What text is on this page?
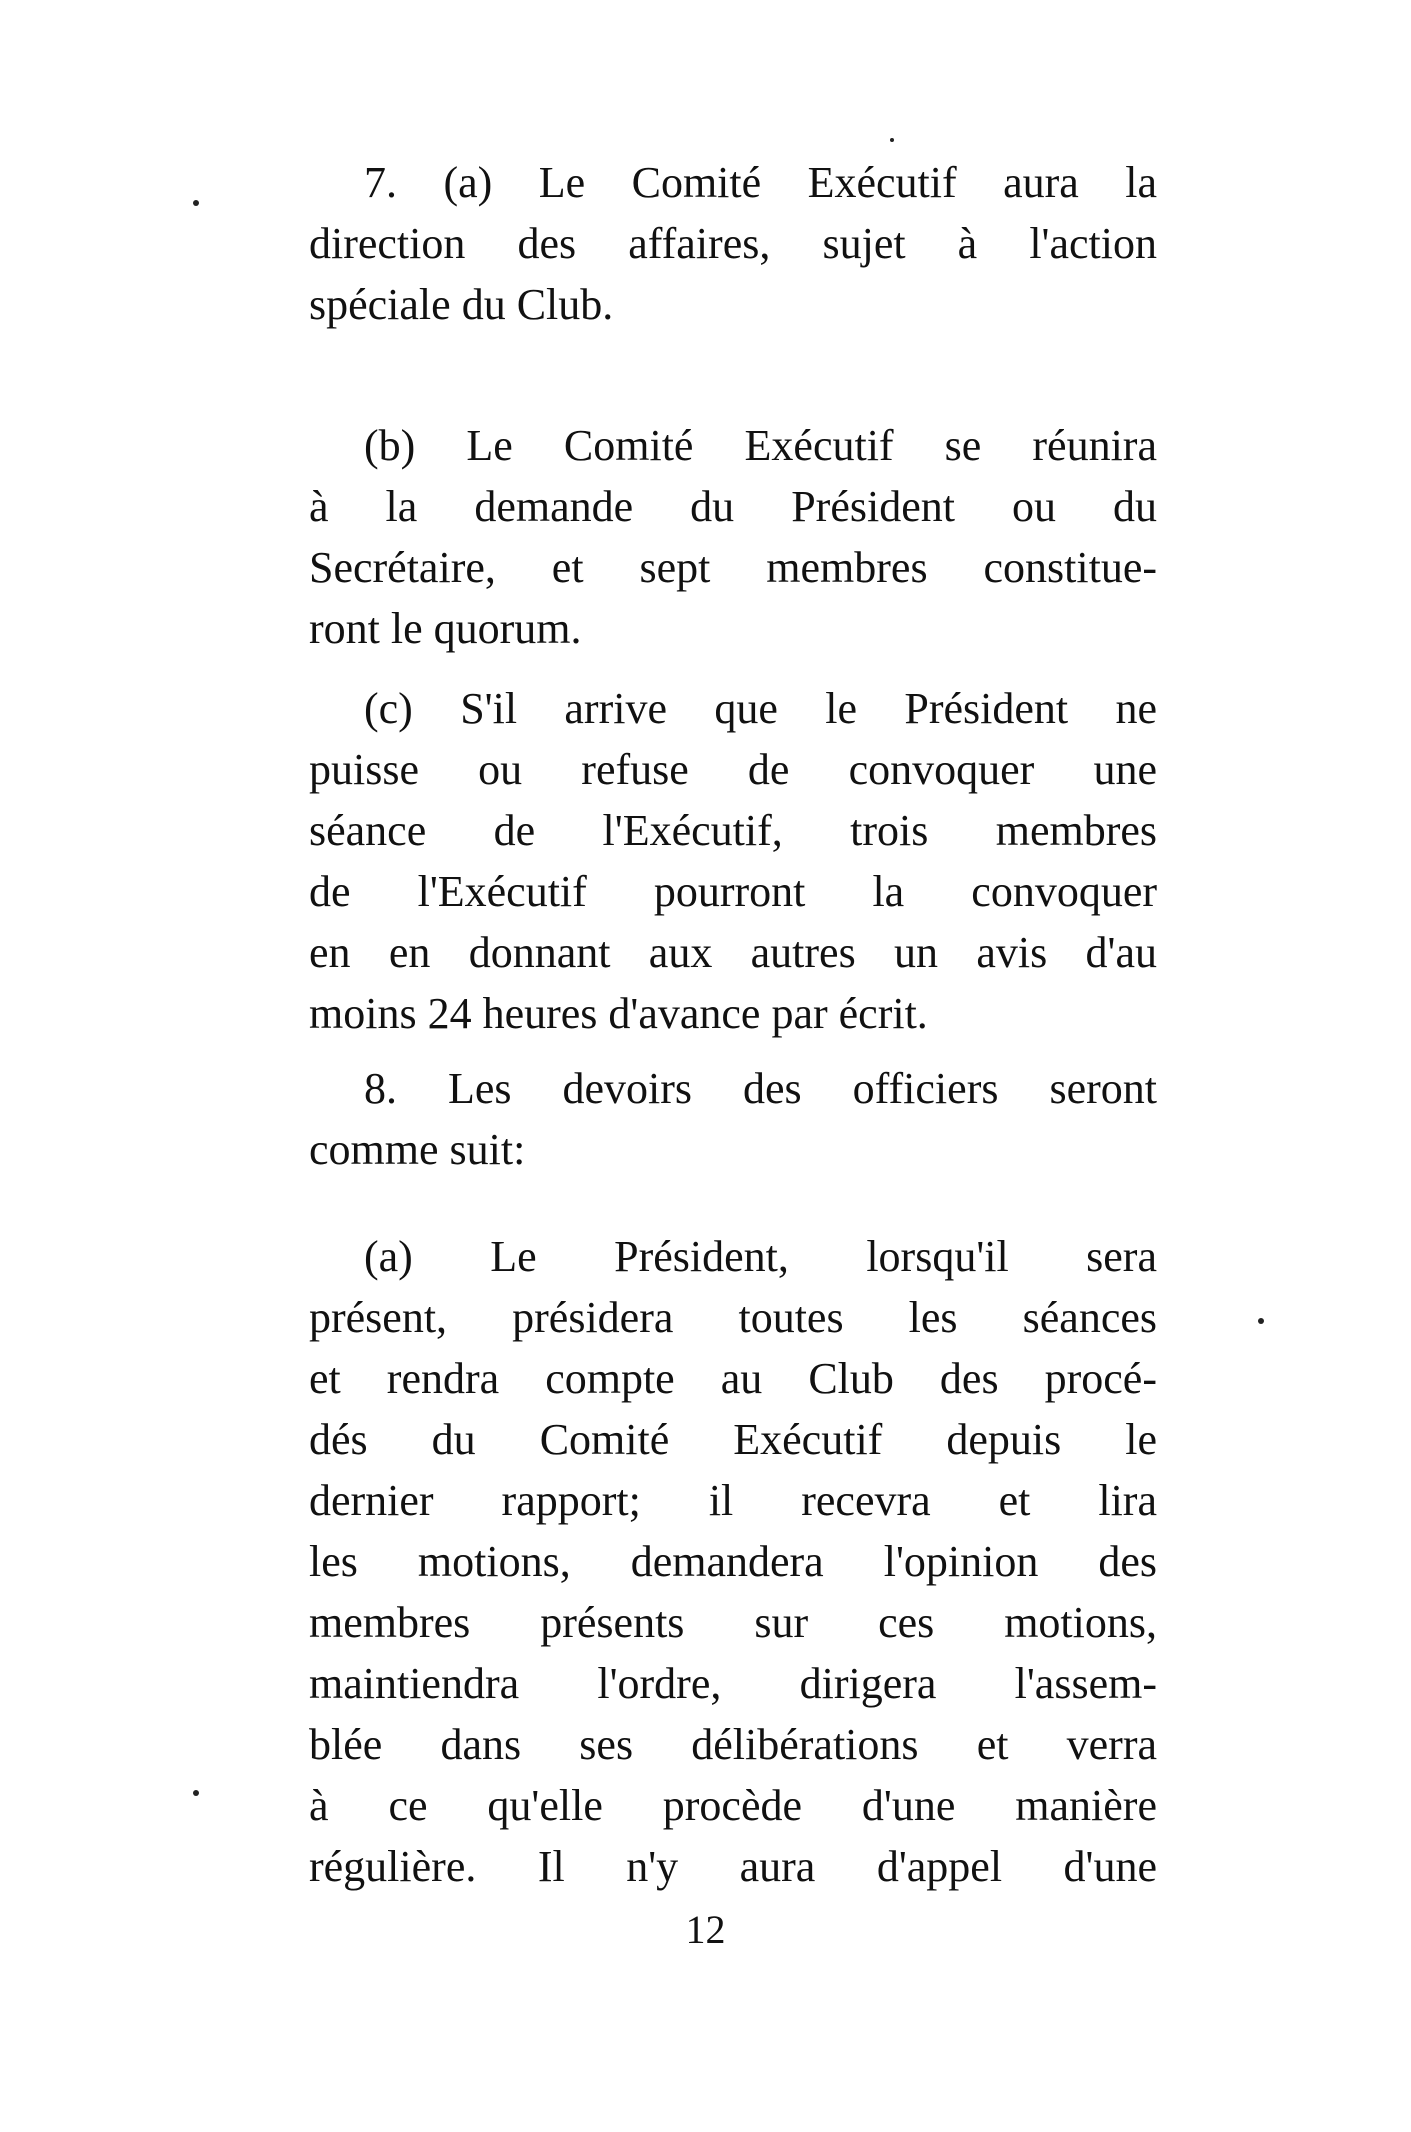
7. (a) Le Comité Exécutif aura la
direction des affaires, sujet à l'action
spéciale du Club.
(b) Le Comité Exécutif se réunira
à la demande du Président ou du
Secrétaire, et sept membres constitue-
ront le quorum.
(c) S'il arrive que le Président ne
puisse ou refuse de convoquer une
séance de l'Exécutif, trois membres
de l'Exécutif pourront la convoquer
en en donnant aux autres un avis d'au
moins 24 heures d'avance par écrit.
8. Les devoirs des officiers seront
comme suit:
(a) Le Président, lorsqu'il sera
présent, présidera toutes les séances
et rendra compte au Club des procé-
dés du Comité Exécutif depuis le
dernier rapport; il recevra et lira
les motions, demandera l'opinion des
membres présents sur ces motions,
maintiendra l'ordre, dirigera l'assem-
blée dans ses délibérations et verra
à ce qu'elle procède d'une manière
régulière. Il n'y aura d'appel d'une
12
